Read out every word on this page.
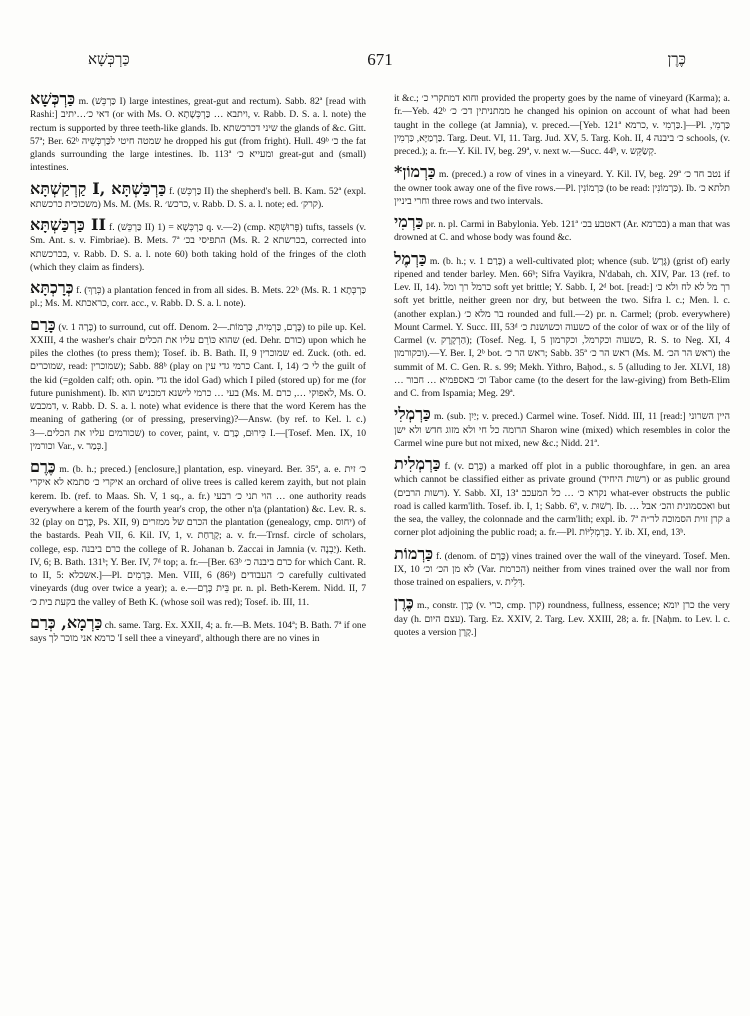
כַּרְכְּשָׁא	671	כֶּרֶן

כַּרְכְּשָׁא m. (כַּרְכֵּשׁ I) large intestines, great-gut and rectum). Sabb. 82ª [read with Rashi:] דאי כ׳…יתיב (or with Ms. O. ויתבא … כַּרְכְּשָׁתָא, v. Rabb. D. S. a. l. note) the rectum is supported by three teeth-like glands. Ib. שיני דכרכשתא the glands of &c. Gitt. 57ª; Ber. 62ᵇ שמטה חיטי לכַּרְכְּשֵׁיה he dropped his gut (from fright). Hull. 49ᵇ כ׳ the fat glands surrounding the large intestines. Ib. 113ª ומעייא כ׳ great-gut and (small) intestines.

קַרְקַשְׁתָּא I, כַּרְכַּשְׁתָּא f. (כַּרְכֵּשׁ II) the shepherd's bell. B. Kam. 52ª (expl. משכוכית כרכשתא) Ms. M. (Ms. R. כרכש׳, v. Rabb. D. S. a. l. note; ed. קרק׳).

כַּרְכַּשְׁתָּא II f. (כַּרְכֵּשׁ II) 1) = כַּרְכְּשָׁא q. v.—2) (cmp. פְּרוּשְׁתָּא) tufts, tassels (v. Sm. Ant. s. v. Fimbriae). B. Mets. 7ª התפיסי בכ׳ (Ms. R. 2 בכרשתא, corrected into בכרכשתא, v. Rabb. D. S. a. l. note 60) both taking hold of the fringes of the cloth (which they claim as finders).

כְּרָכְתָּא f. (כְּרַךְ) a plantation fenced in from all sides. B. Mets. 22ᵇ (Ms. R. 1 כַּרְכְּתָא pl.; Ms. M. כראכתא, corr. acc., v. Rabb. D. S. a. l. note).

כָּרַם (v. כָּרָה 1) to surround, cut off. Denom. כֶּרֶם, כַּרְמִית, כַּרְמוֹת.—2) to pile up. Kel. XXIII, 4 the washer's chair שהוא כּוֹרֵם עליו את הכלים (ed. Dehr. כורם) upon which he piles the clothes (to press them); Tosef. ib. B. Bath. II, 9 שמוכרין ed. Zuck. (oth. ed. שמוכרים, read: שמוכרין); Sabb. 88ᵇ (play on כרמי גדי עין Cant. I, 14) לי כ׳ the guilt of the kid (=golden calf; oth. opin. גדי the idol Gad) which I piled (stored up) for me (for future punishment). Ib. בעי … כרמי לישנא דמכניש הוא (Ms. M. לאפוקי …, כרם, Ms. O. דמכבש, v. Rabb. D. S. a. l. note) what evidence is there that the word Kerem has the meaning of gathering (or of pressing, preserving)?—Answ. (by ref. to Kel. l. c.) שכורמים עליו את הכלים.—3) to cover, paint, v. כִּירוּם, כָּרַם I.—[Tosef. Men. IX, 10 וכורמין Var., v. כְּמַר.]

כֶּרֶם m. (b. h.; preced.) [enclosure,] plantation, esp. vineyard. Ber. 35ª, a. e. כ׳ זית איקרי כ׳ סתמא לא איקרי an orchard of olive trees is called kerem zayith, but not plain kerem. Ib. (ref. to Maas. Sh. V, 1 sq., a. fr.) הוי תני כ׳ רבעי … one authority reads everywhere a kerem of the fourth year's crop, the other n'ṭa (plantation) &c. Lev. R. s. 32 (play on כֶּרֶם, Ps. XII, 9) הכרם של ממזרים the plantation (genealogy, cmp. יחוס) of the bastards. Peah VII, 6. Kil. IV, 1, v. קָרַחַת; a. v. fr.—Trnsf. circle of scholars, college, esp. כרם ביבנה the college of R. Johanan b. Zaccai in Jamnia (v. יַבְנֶה). Keth. IV, 6; B. Bath. 131ᵇ; Y. Ber. IV, 7ᵈ top; a. fr.—[Ber. 63ᵇ כרם ביבנה כ׳ for which Cant. R. to II, 5: אשכלא.]—Pl. כְּרָמִים. Men. VIII, 6 (86ᵇ) כ׳ העבודים carefully cultivated vineyards (dug over twice a year); a. e.—בֵּית כֶּרֶם pr. n. pl. Beth-Kerem. Nidd. II, 7 בקעת בית כ׳ the valley of Beth K. (whose soil was red); Tosef. ib. III, 11.

כַּרְמָא, כְּרַם ch. same. Targ. Ex. XXII, 4; a. fr.—B. Mets. 104ª; B. Bath. 7ª if one says כרמא אני מוכר לך 'I sell thee a vineyard', although there are no vines in

it &c.; וחוא דמתקרי כ׳ provided the property goes by the name of vineyard (Karma); a. fr.—Yeb. 42ᵇ ממתניתין דכ׳ כ׳ he changed his opinion on account of what had been taught in the college (at Jamnia), v. preced.—[Yeb. 121ª כרמא, v. כַּרְמִי.]—Pl. כַּרְמֵי, כַּרְמַיָּא, כַּרְמִין. Targ. Deut. VI, 11. Targ. Jud. XV, 5. Targ. Koh. II, 4 כ׳ ביבנה schools, (v. preced.); a. fr.—Y. Kil. IV, beg. 29ª, v. next w.—Succ. 44ᵇ, v. קְשַׂקֵּש.

*כַּרְמוֹן m. (preced.) a row of vines in a vineyard. Y. Kil. IV, beg. 29ª נטב חד כ׳ if the owner took away one of the five rows.—Pl. כַּרְמוֹנִין (to be read: כַּרְמוֹנִין). Ib. תלתא כ׳ וחרי ביניין three rows and two intervals.

כַּרְמִי pr. n. pl. Carmi in Babylonia. Yeb. 121ª דאטבע בכ׳ (Ar. בכרמא) a man that was drowned at C. and whose body was found &c.

כַּרְמֶל m. (b. h.; v. כָּרַם 1) a well-cultivated plot; whence (sub. גֶּרֶשׂ) (grist of) early ripened and tender barley. Men. 66ᵇ; Sifra Vayikra, N'dabah, ch. XIV, Par. 13 (ref. to Lev. II, 14). כרמל רך ומל soft yet brittle; Y. Sabb. I, 2ᵈ bot. [read:] רך מל לא לח ולא כ׳ soft yet brittle, neither green nor dry, but between the two. Sifra l. c.; Men. l. c. (another explan.) בר מלא כ׳ rounded and full.—2) pr. n. Carmel; (prob. everywhere) Mount Carmel. Y. Succ. III, 53ᵈ כשעוה וכשושנת כ׳ of the color of wax or of the lily of Carmel (v. הַרְקֶרֶק); (Tosef. Neg. I, 5 כשעוה וכקרמל, וכקרמון, R. S. to Neg. XI, 4 וכקורמון).—Y. Ber. I, 2ᵇ bot. ראש הר כ׳; Sabb. 35ª ראש הר כ׳ (Ms. M. ראש הר הכ׳) the summit of M. C. Gen. R. s. 99; Mekh. Yithro, Baḥod., s. 5 (alluding to Jer. XLVI, 18) … וכ׳ באספמיא … חבור Tabor came (to the desert for the law-giving) from Beth-Elim and C. from Ispamia; Meg. 29ª.

כַּרְמְלִי m. (sub. יַיִן; v. preced.) Carmel wine. Tosef. Nidd. III, 11 [read:] היין השרוני הרומה כל חי ולא מזוג חדש ולא ישן Sharon wine (mixed) which resembles in color the Carmel wine pure but not mixed, new &c.; Nidd. 21ª.

כַּרְמְלִית f. (v. כֶּרֶם) a marked off plot in a public thoroughfare, in gen. an area which cannot be classified either as private ground (רשות היחיד) or as public ground (רשות הרבים). Y. Sabb. XI, 13ª נקרא כ׳ … כל המעכב what-ever obstructs the public road is called karm'lith. Tosef. ib. I, 1; Sabb. 6ª, v. רְשׁוּת. Ib. … ואכסמונית והכ׳ אבל but the sea, the valley, the colonnade and the carm'lith; expl. ib. 7ª קרן זוית הסמוכה לר״ה a corner plot adjoining the public road; a. fr.—Pl. כַּרְמְלִיּוֹת. Y. ib. XI, end, 13ᵇ.

כַּרְמוֹת f. (denom. of כֶּרֶם) vines trained over the wall of the vineyard. Tosef. Men. IX, 10 לא מן הכ׳ וכ׳ (Var. הכרמת) neither from vines trained over the wall nor from those trained on espaliers, v. דְּלִית.

כֶּרֶן m., constr. כֶּרֶן (v. כרי, cmp. קרן) roundness, fullness, essence; כרן יומא the very day (h. עצם היום). Targ. Ez. XXIV, 2. Targ. Lev. XXIII, 28; a. fr. [Naḥm. to Lev. l. c. quotes a version קָרָן.]
